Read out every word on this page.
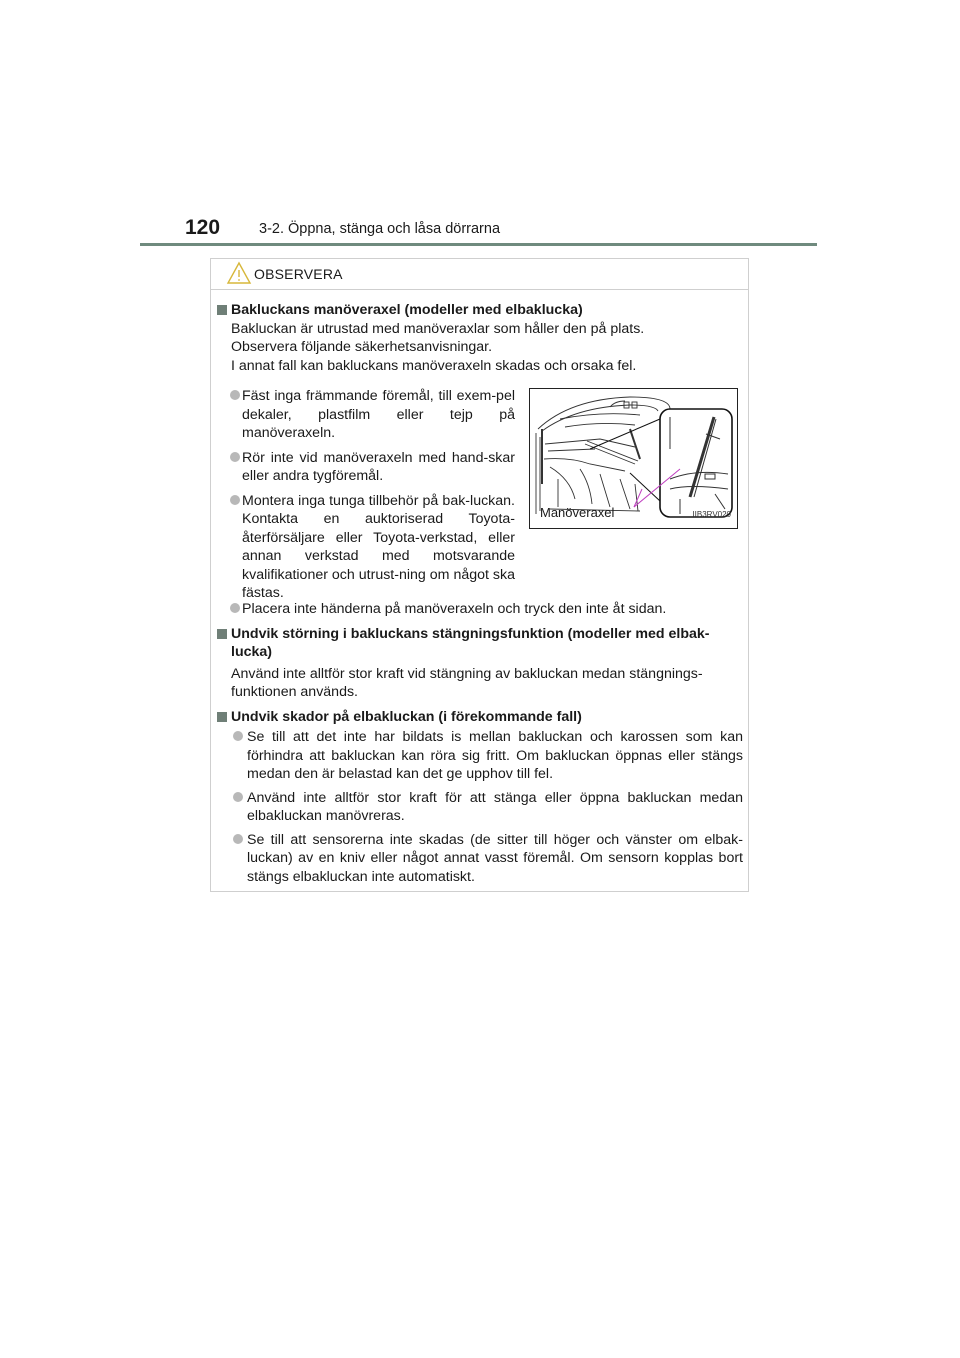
120	3-2. Öppna, stänga och låsa dörrarna
OBSERVERA
Bakluckans manöveraxel (modeller med elbaklucka)
Bakluckan är utrustad med manöveraxlar som håller den på plats.
Observera följande säkerhetsanvisningar.
I annat fall kan bakluckans manöveraxeln skadas och orsaka fel.
Fäst inga främmande föremål, till exem-pel dekaler, plastfilm eller tejp på manöveraxeln.
Rör inte vid manöveraxeln med hand-skar eller andra tygföremål.
Montera inga tunga tillbehör på bak-luckan. Kontakta en auktoriserad Toyota-återförsäljare eller Toyota-verkstad, eller annan verkstad med motsvarande kvalifikationer och utrust-ning om något ska fästas.
Manöveraxel	IIB3RV020
Placera inte händerna på manöveraxeln och tryck den inte åt sidan.
Undvik störning i bakluckans stängningsfunktion (modeller med elbak-lucka)
Använd inte alltför stor kraft vid stängning av bakluckan medan stängnings-funktionen används.
Undvik skador på elbakluckan (i förekommande fall)
Se till att det inte har bildats is mellan bakluckan och karossen som kan förhindra att bakluckan kan röra sig fritt. Om bakluckan öppnas eller stängs medan den är belastad kan det ge upphov till fel.
Använd inte alltför stor kraft för att stänga eller öppna bakluckan medan elbakluckan manövreras.
Se till att sensorerna inte skadas (de sitter till höger och vänster om elbak-luckan) av en kniv eller något annat vasst föremål. Om sensorn kopplas bort stängs elbakluckan inte automatiskt.
